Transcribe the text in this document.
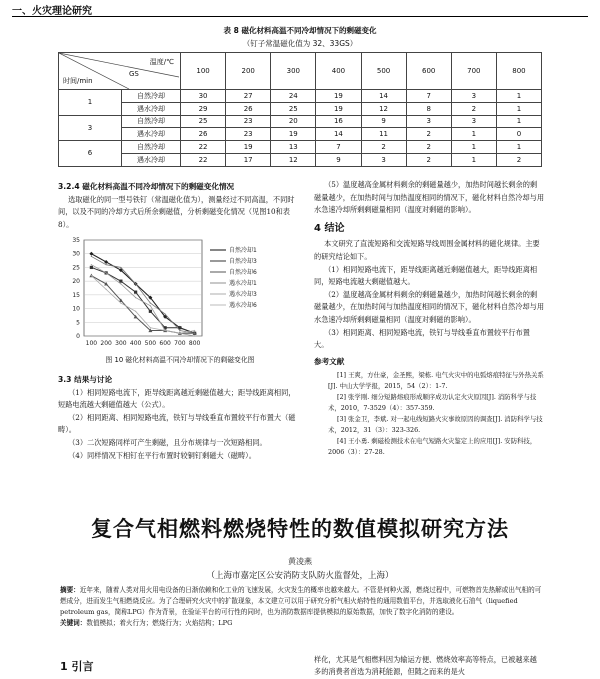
一、火灾理论研究
表 8 磁化材料高温不同冷却情况下的剩磁变化
（钉子常温磁化值为 32、33GS）
温度/℃
GS
时间/min		100	200	300	400	500	600	700	800
1	自然冷却	30	27	24	19	14	7	3	1
	遇水冷却	29	26	25	19	12	8	2	1
3	自然冷却	25	23	20	16	9	3	3	1
	遇水冷却	26	23	19	14	11	2	1	0
6	自然冷却	22	19	13	7	2	2	1	1
	遇水冷却	22	17	12	9	3	2	1	2
3.2.4 磁化材料高温不同冷却情况下的剩磁变化情况

选取磁化的同一型号铁钉（常温磁化值为），测量经过不同高温，不同时间，以及不同的冷却方式后所余剩磁值，分析剩磁变化情况（见图10和表8）。

0
5
10
15
20
25
30
35
100 200 300 400 500 600 700 800
自然冷却1
自然冷却3
自然冷却6
遇水冷却1
遇水冷却3
遇水冷却6
图 10 磁化材料高温不同冷却情况下的剩磁变化图
3.3 结果与讨论

（1）相同短路电流下，距导线距离越近剩磁值越大；距导线距离相同，短路电流越大剩磁值越大（公式）。

（2）相同距离、相同短路电流，铁钉与导线垂直布置较平行布置大（磁畴）。

（3）二次短路同样可产生剩磁，且分布规律与一次短路相同。

（4）同样情况下相钉在平行布置时较铜钉剩磁大（磁畴）。

（5）温度越高金属材料剩余的剩磁量越少，加热时间越长剩余的剩磁量越少，在加热时间与加热温度相同的情况下，磁化材料自然冷却与用水急速冷却所剩剩磁量相同（温度对剩磁的影响）。

4 结论

本文研究了直流短路和交流短路导线周围金属材料的磁化规律。主要的研究结论如下。

（1）相同短路电流下，距导线距离越近剩磁值越大，距导线距离相同，短路电流越大剩磁值越大。

（2）温度越高金属材料剩余的剩磁量越少，加热时间越长剩余的剩磁量越少，在加热时间与加热温度相同的情况下，磁化材料自然冷却与用水急速冷却所剩剩磁量相同（温度对剩磁的影响）。

（3）相同距离、相同短路电流，铁钉与导线垂直布置较平行布置大。

参考文献

[1] 王爽，方仕豪，金圣熙，梁栋. 电气火灾中的电弧熔痕特征与外热关系[J]. 中山大学学报，2015，54（2）：1-7.

[2] 张学刚. 细分短路熔痕形成顺序成功认定火灾原因[J]. 消防科学与技术，2010，7-3529（4）：357-359.

[3] 张金卫，李斌. 对一起电线短路火灾事故原因的调查[J]. 消防科学与技术，2012，31（3）：323-326.

[4] 王小勇. 剩磁检测技术在电气短路火灾鉴定上的应用[J]. 安防科技，2006（3）：27-28.

复合气相燃料燃烧特性的数值模拟研究方法
黄凌燕
（上海市嘉定区公安消防支队防火监督处，上海）
摘要：近年来，随着人类对用火用电设备的日渐依赖和化工业的飞速发展，火灾发生的概率也越来越大。不管是何种火源，燃烧过程中，可燃物首先热解或出气相的可燃成分，进而发生气相燃烧反应。为了合理研究火灾中的扩散现象，本文建立可以用于研究分析气相火焰特性的通用数值平台，并选取液化石油气（liquefied petroleum gas，简称LPG）作为背景，在验证平台的可行性的同时，也为消防数据库提供模拟的原始数据，加快了数字化消防的建设。
关键词：数值模拟；着火行为；燃烧行为；火焰结构；LPG
1 引言
样化，尤其是气相燃料因为输运方便、燃烧效率高等特点，已被越来越多的消费者首选为消耗能源，但随之而来的是火
